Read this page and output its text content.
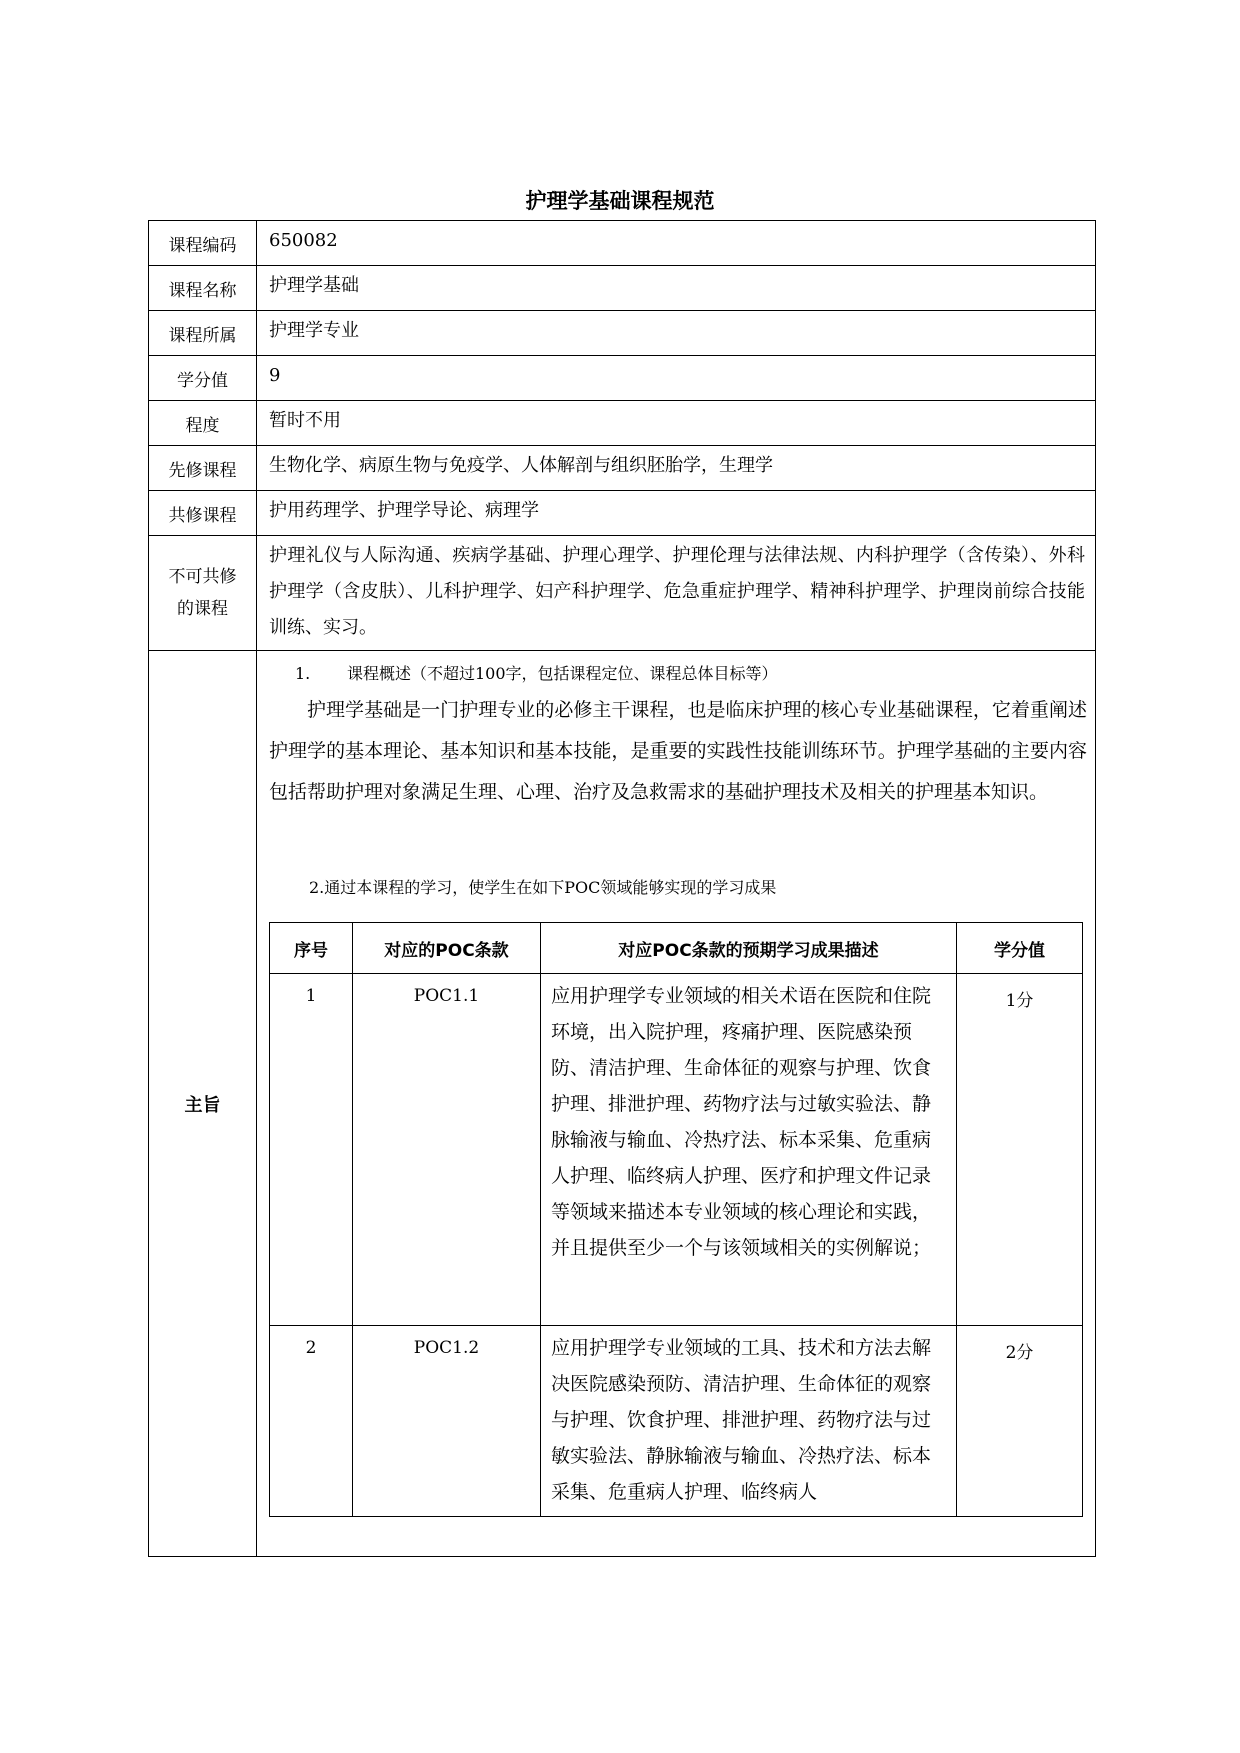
护理学基础课程规范
课程编码	650082
课程名称	护理学基础
课程所属	护理学专业
学分值	9
程度	暂时不用
先修课程	生物化学、病原生物与免疫学、人体解剖与组织胚胎学，生理学
共修课程	护用药理学、护理学导论、病理学

不可共修
的课程
	护理礼仪与人际沟通、疾病学基础、护理心理学、护理伦理与法律法规、内科护理学（含传染）、外科护理学（含皮肤）、儿科护理学、妇产科护理学、危急重症护理学、精神科护理学、护理岗前综合技能训练、实习。
主旨	
1. 课程概述（不超过100字，包括课程定位、课程总体目标等）
护理学基础是一门护理专业的必修主干课程，也是临床护理的核心专业基础课程，它着重阐述护理学的基本理论、基本知识和基本技能，是重要的实践性技能训练环节。护理学基础的主要内容包括帮助护理对象满足生理、心理、治疗及急救需求的基础护理技术及相关的护理基本知识。
2.通过本课程的学习，使学生在如下POC领域能够实现的学习成果
序号	对应的POC条款	对应POC条款的预期学习成果描述	学分值
1	POC1.1	应用护理学专业领域的相关术语在医院和住院环境，出入院护理，疼痛护理、医院感染预防、清洁护理、生命体征的观察与护理、饮食护理、排泄护理、药物疗法与过敏实验法、静脉输液与输血、冷热疗法、标本采集、危重病人护理、临终病人护理、医疗和护理文件记录等领域来描述本专业领域的核心理论和实践，并且提供至少一个与该领域相关的实例解说；	1分
2	POC1.2	应用护理学专业领域的工具、技术和方法去解决医院感染预防、清洁护理、生命体征的观察与护理、饮食护理、排泄护理、药物疗法与过敏实验法、静脉输液与输血、冷热疗法、标本采集、危重病人护理、临终病人	2分
